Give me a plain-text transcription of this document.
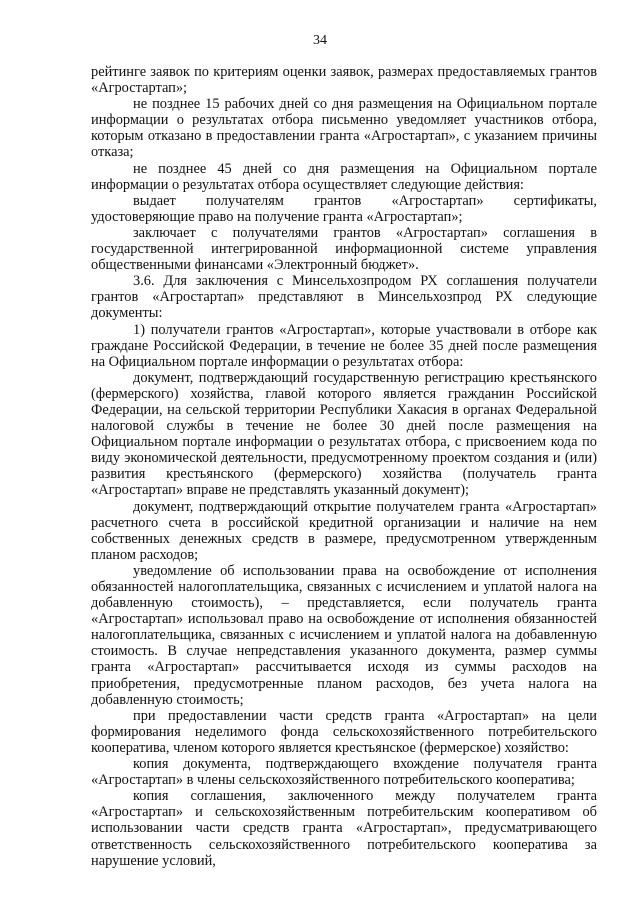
34

рейтинге заявок по критериям оценки заявок, размерах предоставляемых грантов «Агростартап»;

не позднее 15 рабочих дней со дня размещения на Официальном портале информации о результатах отбора письменно уведомляет участников отбора, которым отказано в предоставлении гранта «Агростартап», с указанием причины отказа;

не позднее 45 дней со дня размещения на Официальном портале информации о результатах отбора осуществляет следующие действия:

выдает получателям грантов «Агростартап» сертификаты, удостоверяющие право на получение гранта «Агростартап»;

заключает с получателями грантов «Агростартап» соглашения в государственной интегрированной информационной системе управления общественными финансами «Электронный бюджет».

3.6. Для заключения с Минсельхозпродом РХ соглашения получатели грантов «Агростартап» представляют в Минсельхозпрод РХ следующие документы:

1) получатели грантов «Агростартап», которые участвовали в отборе как граждане Российской Федерации, в течение не более 35 дней после размещения на Официальном портале информации о результатах отбора:

документ, подтверждающий государственную регистрацию крестьянского (фермерского) хозяйства, главой которого является гражданин Российской Федерации, на сельской территории Республики Хакасия в органах Федеральной налоговой службы в течение не более 30 дней после размещения на Официальном портале информации о результатах отбора, с присвоением кода по виду экономической деятельности, предусмотренному проектом создания и (или) развития крестьянского (фермерского) хозяйства (получатель гранта «Агростартап» вправе не представлять указанный документ);

документ, подтверждающий открытие получателем гранта «Агростартап» расчетного счета в российской кредитной организации и наличие на нем собственных денежных средств в размере, предусмотренном утвержденным планом расходов;

уведомление об использовании права на освобождение от исполнения обязанностей налогоплательщика, связанных с исчислением и уплатой налога на добавленную стоимость), – представляется, если получатель гранта «Агростартап» использовал право на освобождение от исполнения обязанностей налогоплательщика, связанных с исчислением и уплатой налога на добавленную стоимость. В случае непредставления указанного документа, размер суммы гранта «Агростартап» рассчитывается исходя из суммы расходов на приобретения, предусмотренные планом расходов, без учета налога на добавленную стоимость;

при предоставлении части средств гранта «Агростартап» на цели формирования неделимого фонда сельскохозяйственного потребительского кооператива, членом которого является крестьянское (фермерское) хозяйство:

копия документа, подтверждающего вхождение получателя гранта «Агростартап» в члены сельскохозяйственного потребительского кооператива;

копия соглашения, заключенного между получателем гранта «Агростартап» и сельскохозяйственным потребительским кооперативом об использовании части средств гранта «Агростартап», предусматривающего ответственность сельскохозяйственного потребительского кооператива за нарушение условий,
